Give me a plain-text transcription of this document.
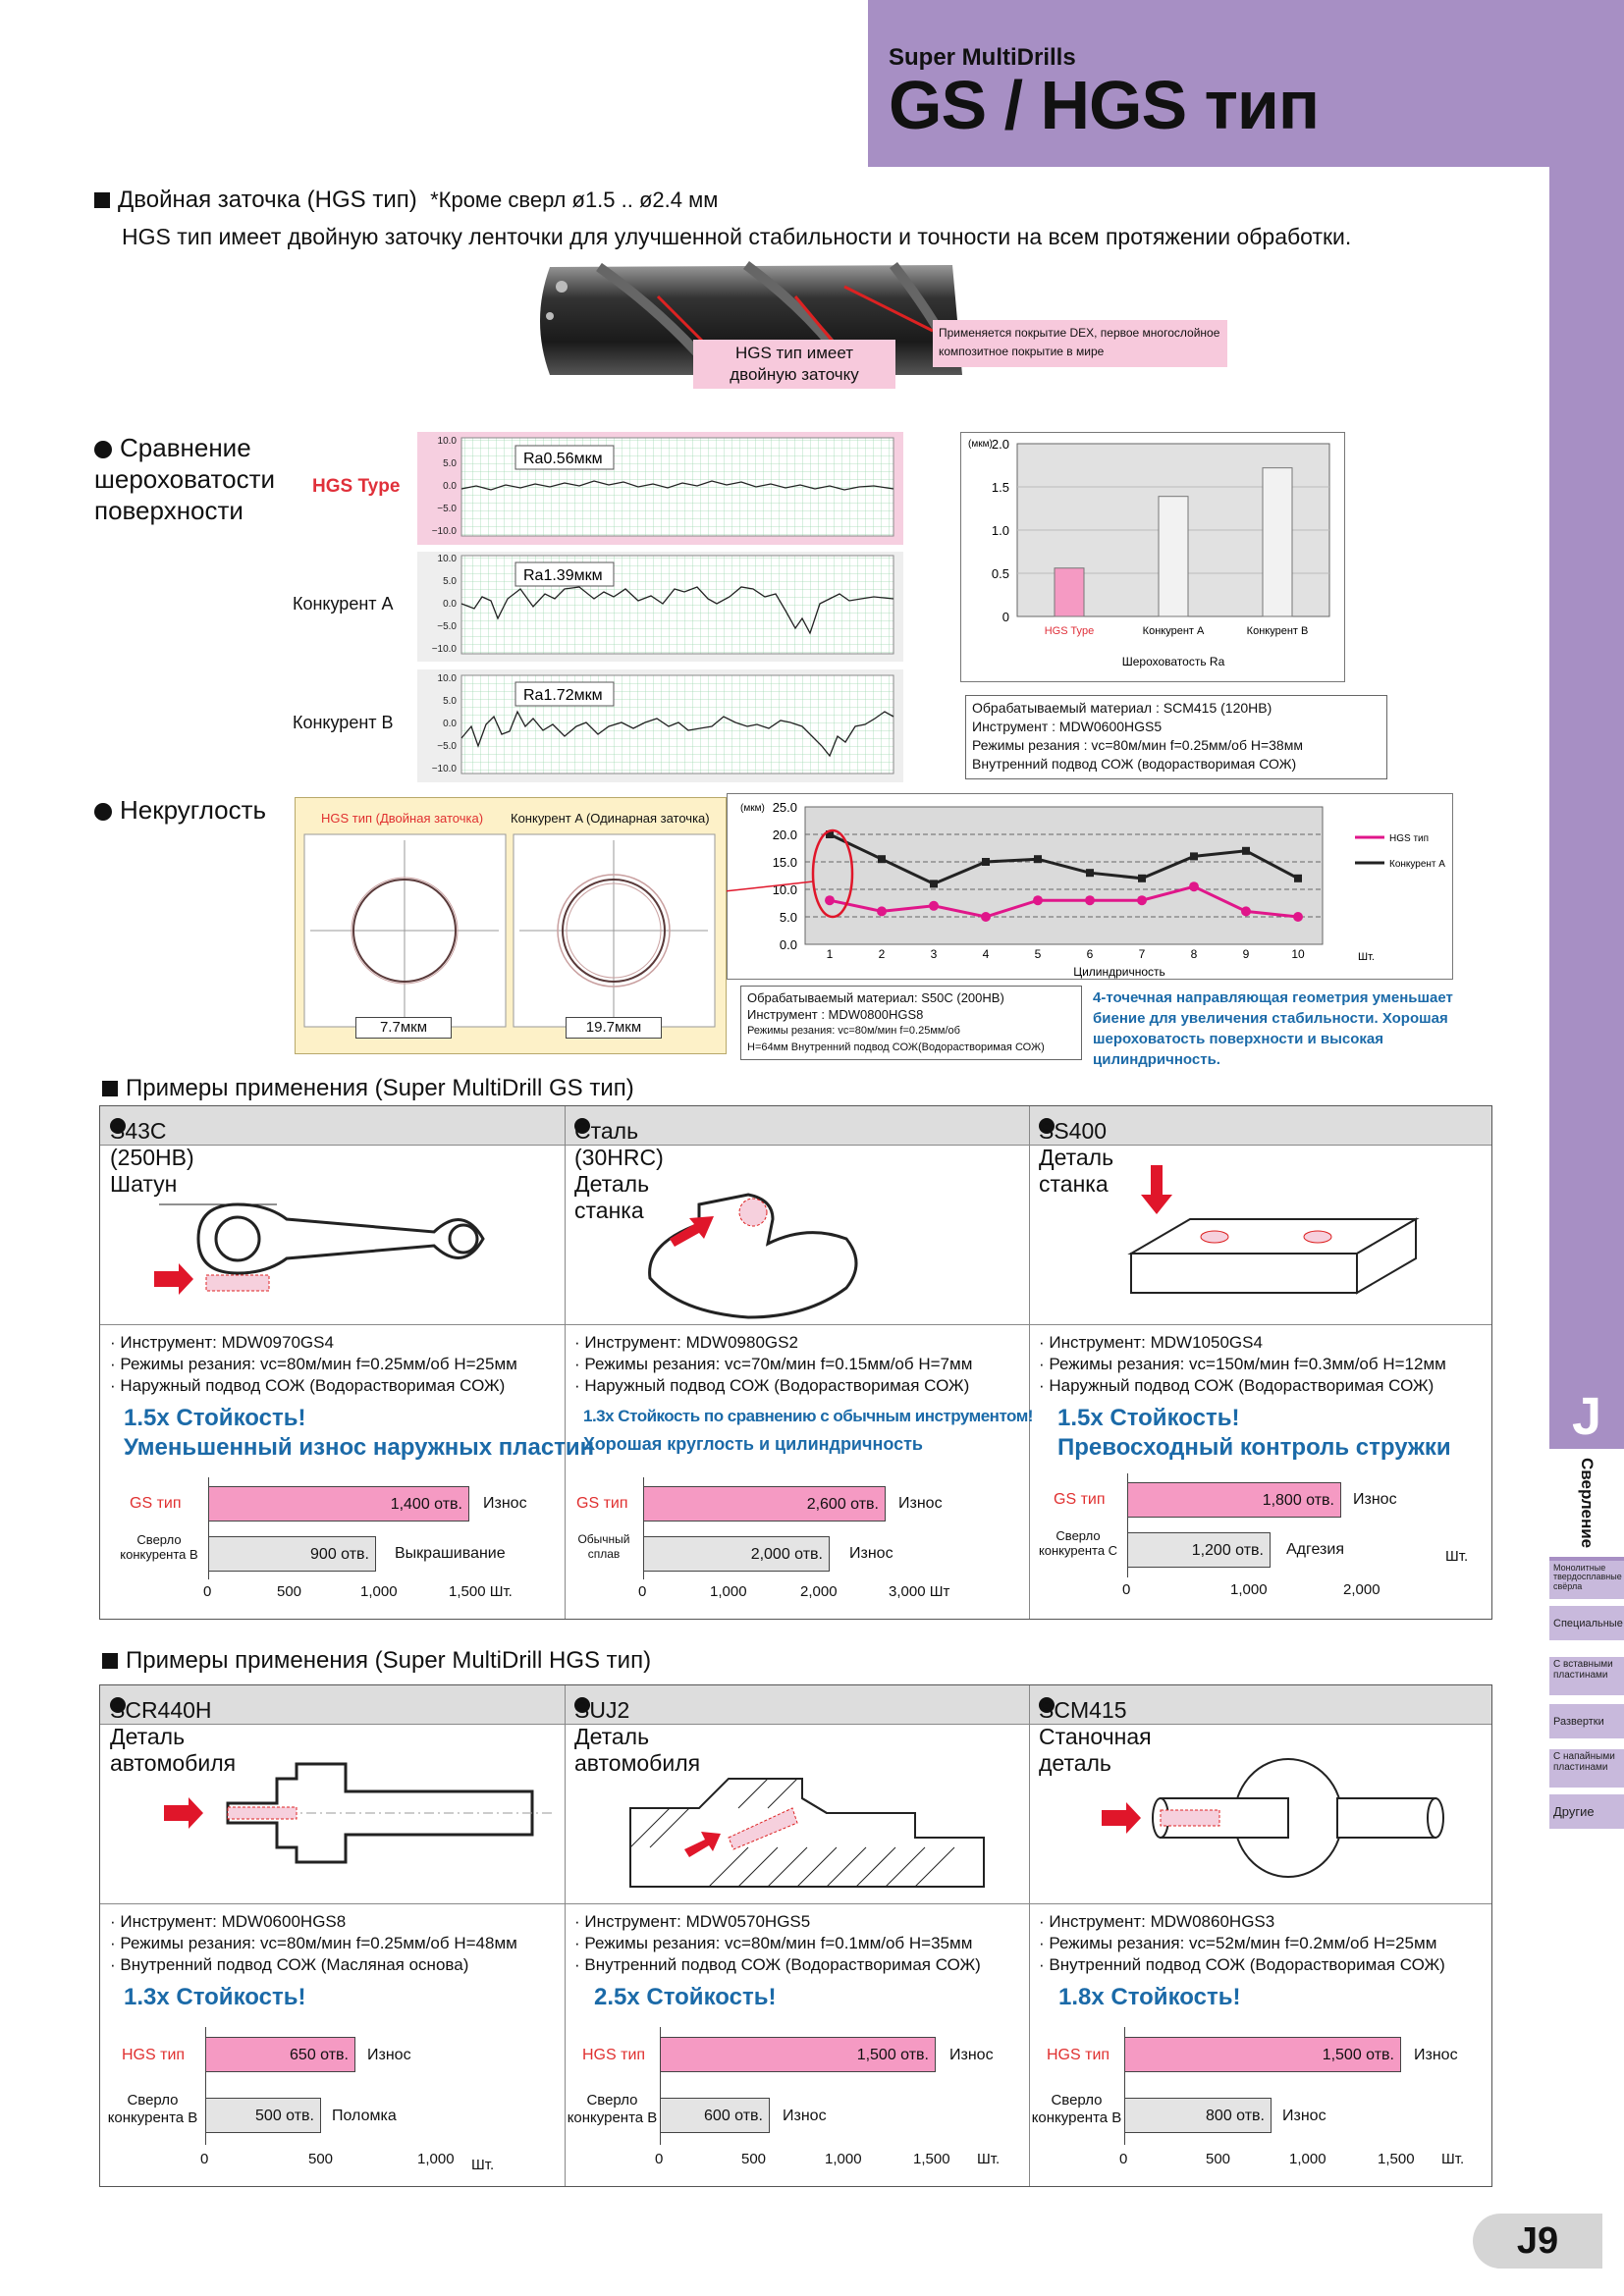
Super MultiDrills
GS / HGS тип
J
Сверление
Монолитные твердосплавные свёрла
Специальные
С вставными пластинами
Развертки
С напайными пластинами
Другие
Двойная заточка (HGS тип) *Кроме сверл ø1.5 .. ø2.4 мм
HGS тип имеет двойную заточку ленточки для улучшенной стабильности и точности на всем протяжении обработки.
HGS тип имеет двойную заточку
Применяется покрытие DEX, первое многослойное композитное покрытие в мире
Сравнение шероховатости поверхности
HGS Type
Конкурент A
Конкурент B
10.0
5.0
0.0
−5.0
−10.0
10.0
5.0
0.0
−5.0
−10.0
10.0
5.0
0.0
−5.0
−10.0
Ra0.56мкм
Ra1.39мкм
Ra1.72мкм
2.0
1.5
1.0
0.5
0
HGS Type	Конкурент A	Конкурент B
(мкм)
Шероховатость Ra
Обрабатываемый материал : SCM415 (120HB)
Инструмент : MDW0600HGS5
Режимы резания : vc=80м/мин f=0.25мм/об H=38мм
Внутренний подвод СОЖ (водорастворимая СОЖ)
Некруглость	HGS тип (Двойная заточка) Конкурент A (Одинарная заточка)
7.7мкм	19.7мкм
25.0
20.0
15.0
10.0
5.0
0.0
1	2	3	4	5	6	7	8	9	10
(мкм)
Шт.
Цилиндричность
HGS тип
Конкурент A
Обрабатываемый материал: S50C (200HB)
Инструмент : MDW0800HGS8
Режимы резания: vc=80м/мин f=0.25мм/об
H=64мм Внутренний подвод СОЖ(Водорастворимая СОЖ)
4-точечная направляющая геометрия уменьшает биение для увеличения стабильности. Хорошая шероховатость поверхности и высокая цилиндричность.
Примеры применения (Super MultiDrill GS тип)
S43C (250HB) Шатун
Сталь (30HRC) Деталь станка
SS400 Деталь станка
· Инструмент: MDW0970GS4
· Режимы резания: vc=80м/мин f=0.25мм/об H=25мм
· Наружный подвод СОЖ (Водорастворимая СОЖ)
1.5x Стойкость!
Уменьшенный износ наружных пластин
GS тип	1,400 отв.	Износ
Сверло конкурента B	900 отв.	Выкрашивание
0	500	1,000	1,500 Шт.
· Инструмент: MDW0980GS2
· Режимы резания: vc=70м/мин f=0.15мм/об H=7мм
· Наружный подвод СОЖ (Водорастворимая СОЖ)
1.3x Стойкость по сравнению с обычным инструментом!
Хорошая круглость и цилиндричность
GS тип	2,600 отв.	Износ
Обычный сплав	2,000 отв.	Износ
0	1,000	2,000	3,000 Шт
· Инструмент: MDW1050GS4
· Режимы резания: vc=150м/мин f=0.3мм/об H=12мм
· Наружный подвод СОЖ (Водорастворимая СОЖ)
1.5x Стойкость!
Превосходный контроль стружки
GS тип	1,800 отв.	Износ
Сверло конкурента C	1,200 отв.	Адгезия
0	1,000	2,000
Шт.
Примеры применения (Super MultiDrill HGS тип)
SCR440H Деталь автомобиля
SUJ2 Деталь автомобиля
SCM415 Станочная деталь
· Инструмент: MDW0600HGS8
· Режимы резания: vc=80м/мин f=0.25мм/об H=48мм
· Внутренний подвод СОЖ (Масляная основа)
1.3x Стойкость!
HGS тип	650 отв.	Износ
Сверло конкурента B	500 отв.	Поломка
0	500	1,000 Шт.
· Инструмент: MDW0570HGS5
· Режимы резания: vc=80м/мин f=0.1мм/об H=35мм
· Внутренний подвод СОЖ (Водорастворимая СОЖ)
2.5x Стойкость!
HGS тип	1,500 отв.	Износ
Сверло конкурента B	600 отв.	Износ
0	500	1,000	1,500 Шт.
· Инструмент: MDW0860HGS3
· Режимы резания: vc=52м/мин f=0.2мм/об H=25мм
· Внутренний подвод СОЖ (Водорастворимая СОЖ)
1.8x Стойкость!
HGS тип	1,500 отв.	Износ
Сверло конкурента B	800 отв.	Износ
0	500	1,000	1,500 Шт.
J9
